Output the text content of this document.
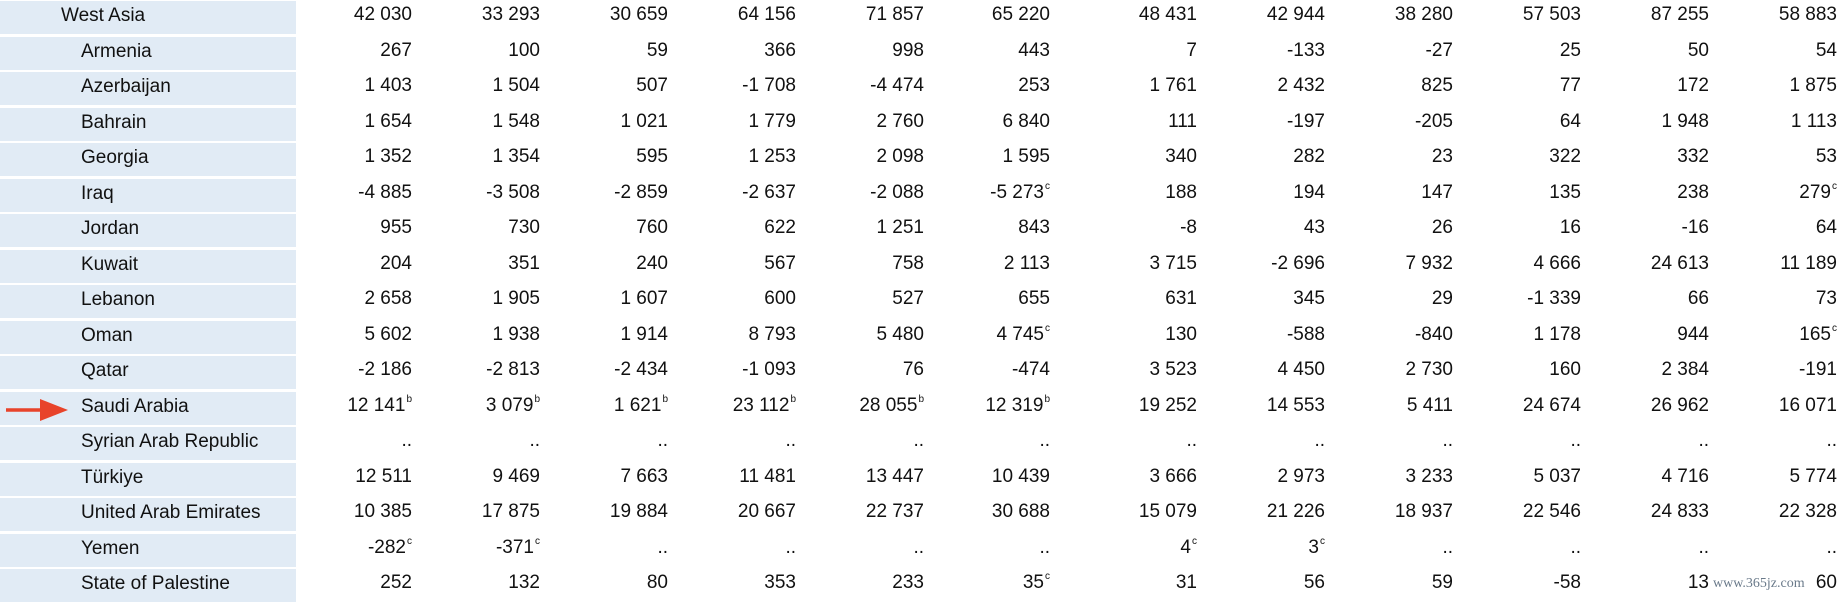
West Asia	42 030	33 293	30 659	64 156	71 857	65 220	48 431	42 944	38 280	57 503	87 255	58 883
Armenia	267	100	59	366	998	443	7	-133	-27	25	50	54
Azerbaijan	1 403	1 504	507	-1 708	-4 474	253	1 761	2 432	825	77	172	1 875
Bahrain	1 654	1 548	1 021	1 779	2 760	6 840	111	-197	-205	64	1 948	1 113
Georgia	1 352	1 354	595	1 253	2 098	1 595	340	282	23	322	332	53
Iraq	-4 885	-3 508	-2 859	-2 637	-2 088	-5 273$^c$	188	194	147	135	238	279$^c$
Jordan	955	730	760	622	1 251	843	-8	43	26	16	-16	64
Kuwait	204	351	240	567	758	2 113	3 715	-2 696	7 932	4 666	24 613	11 189
Lebanon	2 658	1 905	1 607	600	527	655	631	345	29	-1 339	66	73
Oman	5 602	1 938	1 914	8 793	5 480	4 745$^c$	130	-588	-840	1 178	944	165$^c$
Qatar	-2 186	-2 813	-2 434	-1 093	76	-474	3 523	4 450	2 730	160	2 384	-191
Saudi Arabia	12 141$^b$	3 079$^b$	1 621$^b$	23 112$^b$	28 055$^b$	12 319$^b$	19 252	14 553	5 411	24 674	26 962	16 071
Syrian Arab Republic	..	..	..	..	..	..	..	..	..	..	..	..
Türkiye	12 511	9 469	7 663	11 481	13 447	10 439	3 666	2 973	3 233	5 037	4 716	5 774
United Arab Emirates	10 385	17 875	19 884	20 667	22 737	30 688	15 079	21 226	18 937	22 546	24 833	22 328
Yemen	-282$^c$	-371$^c$	..	..	..	..	4$^c$	3$^c$	..	..	..	..
State of Palestine	252	132	80	353	233	35$^c$	31	56	59	-58	13	60
www.365jz.com
